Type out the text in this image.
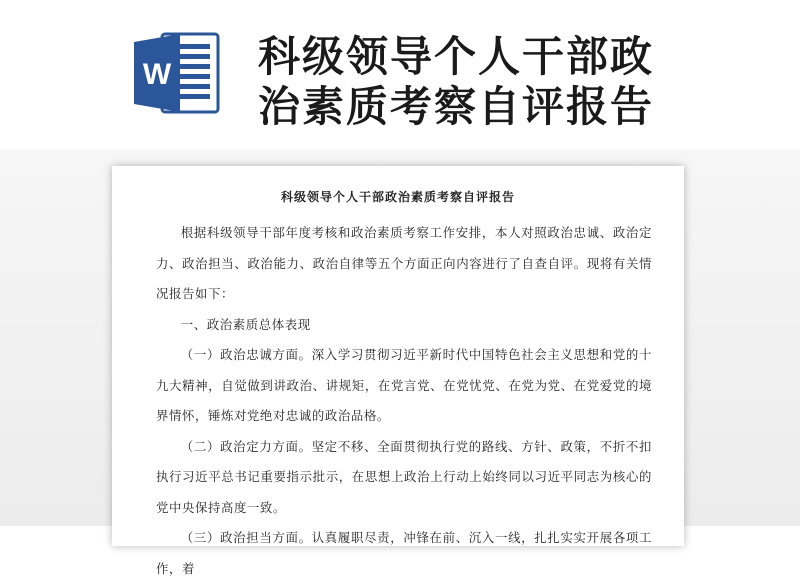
W 科级领导个人干部政
治素质考察自评报告
科级领导个人干部政治素质考察自评报告

根据科级领导干部年度考核和政治素质考察工作安排，本人对照政治忠诚、政治定力、政治担当、政治能力、政治自律等五个方面正向内容进行了自查自评。现将有关情况报告如下：

一、政治素质总体表现

（一）政治忠诚方面。深入学习贯彻习近平新时代中国特色社会主义思想和党的十九大精神，自觉做到讲政治、讲规矩，在党言党、在党忧党、在党为党、在党爱党的境界情怀，锤炼对党绝对忠诚的政治品格。

（二）政治定力方面。坚定不移、全面贯彻执行党的路线、方针、政策，不折不扣执行习近平总书记重要指示批示，在思想上政治上行动上始终同以习近平同志为核心的党中央保持高度一致。

（三）政治担当方面。认真履职尽责，冲锋在前、沉入一线，扎扎实实开展各项工作，着
